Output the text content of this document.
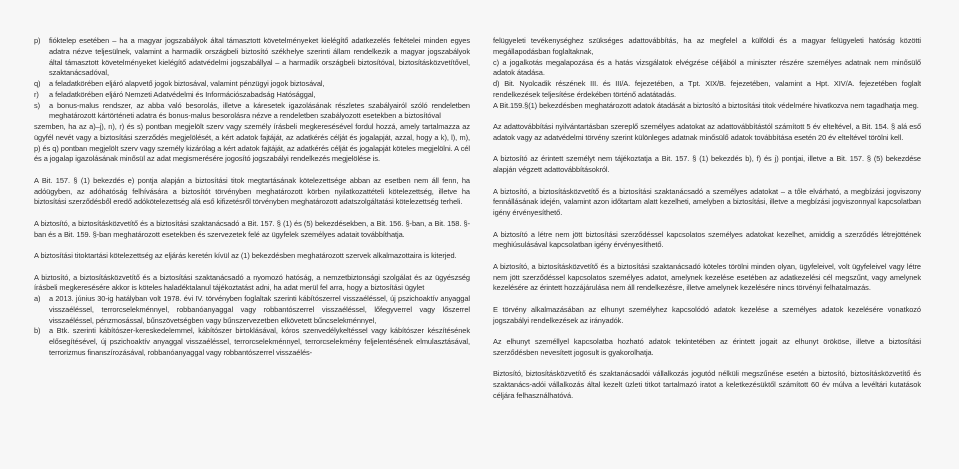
p) fióktelep esetében – ha a magyar jogszabályok által támasztott követelményeket kielégítő adatkezelés feltételei minden egyes adatra nézve teljesülnek, valamint a harmadik országbeli biztosító székhelye szerinti állam rendelkezik a magyar jogszabályok által támasztott követelményeket kielégítő adatvédelmi jogszabállyal – a harmadik országbeli biztosítóval, biztosításközvetítővel, szaktanácsadóval,
q) a feladatkörében eljáró alapvető jogok biztosával, valamint pénzügyi jogok biztosával,
r) a feladatkörében eljáró Nemzeti Adatvédelmi és Információszabadság Hatósággal,
s) a bonus-malus rendszer, az abba való besorolás, illetve a káresetek igazolásának részletes szabályairól szóló rendeletben meghatározott kártörténeti adatra és bonus-malus besorolásra nézve a rendeletben szabályozott esetekben a biztosítóval

szemben, ha az a)–j), n), r) és s) pontban megjelölt szerv vagy személy írásbeli megkeresésével fordul hozzá, amely tartalmazza az ügyfél nevét vagy a biztosítási szerződés megjelölését, a kért adatok fajtáját, az adatkérés célját és jogalapját, azzal, hogy a k), l), m), p) és q) pontban megjelölt szerv vagy személy kizárólag a kért adatok fajtáját, az adatkérés célját és jogalapját köteles megjelölni. A cél és a jogalap igazolásának minősül az adat megismerésére jogosító jogszabályi rendelkezés megjelölése is.

A Bit. 157. § (1) bekezdés e) pontja alapján a biztosítási titok megtartásának kötelezettsége abban az esetben nem áll fenn, ha adóügyben, az adóhatóság felhívására a biztosítót törvényben meghatározott körben nyilatkozattételi kötelezettség, illetve ha biztosítási szerződésből eredő adókötelezettség alá eső kifizetésről törvényben meghatározott adatszolgáltatási kötelezettség terheli.

A biztosító, a biztosításközvetítő és a biztosítási szaktanácsadó a Bit. 157. § (1) és (5) bekezdésekben, a Bit. 156. §-ban, a Bit. 158. §-ban és a Bit. 159. §-ban meghatározott esetekben és szervezetek felé az ügyfelek személyes adatait továbbíthatja.

A biztosítási titoktartási kötelezettség az eljárás keretén kívül az (1) bekezdésben meghatározott szervek alkalmazottaira is kiterjed.

A biztosító, a biztosításközvetítő és a biztosítási szaktanácsadó a nyomozó hatóság, a nemzetbiztonsági szolgálat és az ügyészség írásbeli megkeresésére akkor is köteles haladéktalanul tájékoztatást adni, ha adat merül fel arra, hogy a biztosítási ügylet

a) a 2013. június 30-ig hatályban volt 1978. évi IV. törvényben foglaltak szerinti kábítószerrel visszaéléssel, új pszichoaktív anyaggal visszaéléssel, terrorcselekménnyel, robbanóanyaggal vagy robbantószerrel visszaéléssel, lőfegyverrel vagy lőszerrel visszaéléssel, pénzmosással, bűnszövetségben vagy bűnszervezetben elkövetett bűncselekménnyel,
b) a Btk. szerinti kábítószer-kereskedelemmel, kábítószer birtoklásával, kóros szenvedélykeltéssel vagy kábítószer készítésének elősegítésével, új pszichoaktív anyaggal visszaéléssel, terrorcselekménnyel, terrorcselekmény feljelentésének elmulasztásával, terrorizmus finanszírozásával, robbanóanyaggal vagy robbantószerrel visszaélés-

felügyeleti tevékenységhez szükséges adattovábbítás, ha az megfelel a külföldi és a magyar felügyeleti hatóság közötti megállapodásban foglaltaknak,

c) a jogalkotás megalapozása és a hatás vizsgálatok elvégzése céljából a miniszter részére személyes adatnak nem minősülő adatok átadása.

d) Bit. Nyolcadik részének III. és III/A. fejezetében, a Tpt. XIX/B. fejezetében, valamint a Hpt. XIV/A. fejezetében foglalt rendelkezések teljesítése érdekében történő adatátadás.

A Bit.159.§(1) bekezdésben meghatározott adatok átadását a biztosító a biztosítási titok védelmére hivatkozva nem tagadhatja meg.

Az adattovábbítási nyilvántartásban szereplő személyes adatokat az adattovábbítástól számított 5 év elteltével, a Bit. 154. § alá eső adatok vagy az adatvédelmi törvény szerint különleges adatnak minősülő adatok továbbítása esetén 20 év elteltével törölni kell.

A biztosító az érintett személyt nem tájékoztatja a Bit. 157. § (1) bekezdés b), f) és j) pontjai, illetve a Bit. 157. § (5) bekezdése alapján végzett adattovábbításokról.

A biztosító, a biztosításközvetítő és a biztosítási szaktanácsadó a személyes adatokat – a tőle elvárható, a megbízási jogviszony fennállásának idején, valamint azon időtartam alatt kezelheti, amelyben a biztosítási, illetve a megbízási jogviszonnyal kapcsolatban igény érvényesíthető.

A biztosító a létre nem jött biztosítási szerződéssel kapcsolatos személyes adatokat kezelhet, amiddig a szerződés létrejöttének meghiúsulásával kapcsolatban igény érvényesíthető.

A biztosító, a biztosításközvetítő és a biztosítási szaktanácsadó köteles törölni minden olyan, ügyfeleivel, volt ügyfeleivel vagy létre nem jött szerződéssel kapcsolatos személyes adatot, amelynek kezelése esetében az adatkezelési cél megszűnt, vagy amelynek kezelésére az érintett hozzájárulása nem áll rendelkezésre, illetve amelynek kezelésére nincs törvényi felhatalmazás.

E törvény alkalmazásában az elhunyt személyhez kapcsolódó adatok kezelése a személyes adatok kezelésére vonatkozó jogszabályi rendelkezések az irányadók.

Az elhunyt személlyel kapcsolatba hozható adatok tekintetében az érintett jogait az elhunyt örököse, illetve a biztosítási szerződésben nevesített jogosult is gyakorolhatja.

Biztosító, biztosításközvetítő és szaktanácsadói vállalkozás jogutód nélküli megszűnése esetén a biztosító, biztosításközvetítő és szaktanács-adói vállalkozás által kezelt üzleti titkot tartalmazó iratot a keletkezésüktől számított 60 év múlva a levéltári kutatások céljára felhasználhatóvá.
